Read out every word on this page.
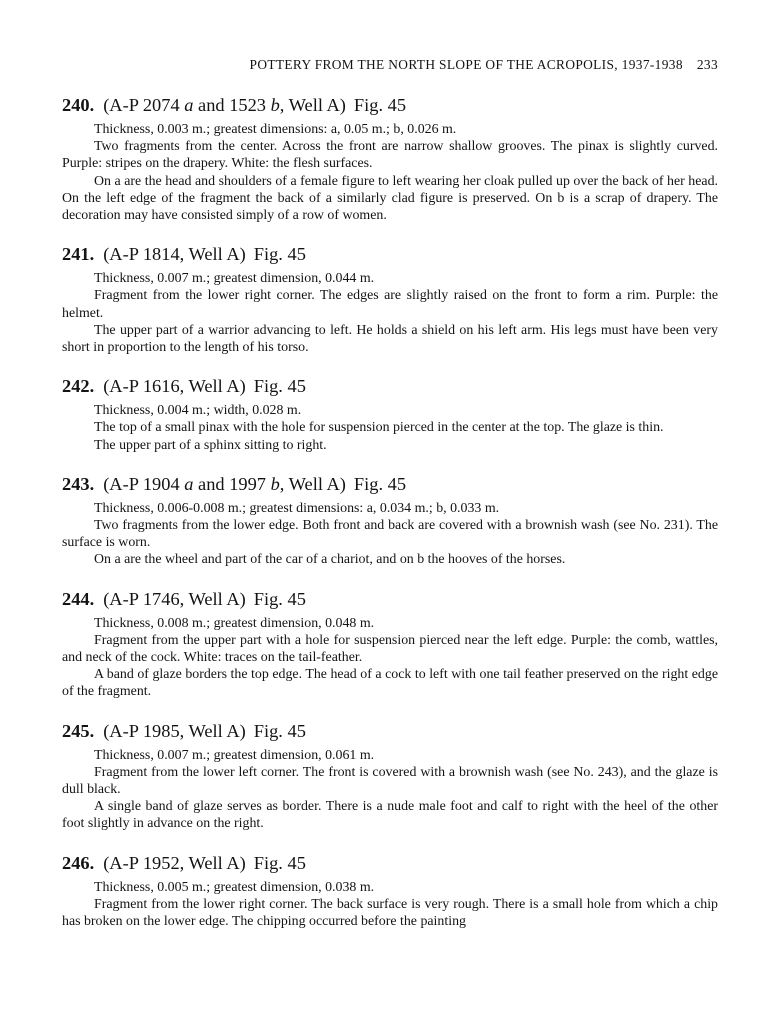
POTTERY FROM THE NORTH SLOPE OF THE ACROPOLIS, 1937-1938 233
240. (A-P 2074 a and 1523 b, Well A) Fig. 45

Thickness, 0.003 m.; greatest dimensions: a, 0.05 m.; b, 0.026 m.

Two fragments from the center. Across the front are narrow shallow grooves. The pinax is slightly curved. Purple: stripes on the drapery. White: the flesh surfaces.

On a are the head and shoulders of a female figure to left wearing her cloak pulled up over the back of her head. On the left edge of the fragment the back of a similarly clad figure is preserved. On b is a scrap of drapery. The decoration may have consisted simply of a row of women.

241. (A-P 1814, Well A) Fig. 45

Thickness, 0.007 m.; greatest dimension, 0.044 m.

Fragment from the lower right corner. The edges are slightly raised on the front to form a rim. Purple: the helmet.

The upper part of a warrior advancing to left. He holds a shield on his left arm. His legs must have been very short in proportion to the length of his torso.

242. (A-P 1616, Well A) Fig. 45

Thickness, 0.004 m.; width, 0.028 m.

The top of a small pinax with the hole for suspension pierced in the center at the top. The glaze is thin.

The upper part of a sphinx sitting to right.

243. (A-P 1904 a and 1997 b, Well A) Fig. 45

Thickness, 0.006-0.008 m.; greatest dimensions: a, 0.034 m.; b, 0.033 m.

Two fragments from the lower edge. Both front and back are covered with a brownish wash (see No. 231). The surface is worn.

On a are the wheel and part of the car of a chariot, and on b the hooves of the horses.

244. (A-P 1746, Well A) Fig. 45

Thickness, 0.008 m.; greatest dimension, 0.048 m.

Fragment from the upper part with a hole for suspension pierced near the left edge. Purple: the comb, wattles, and neck of the cock. White: traces on the tail-feather.

A band of glaze borders the top edge. The head of a cock to left with one tail feather preserved on the right edge of the fragment.

245. (A-P 1985, Well A) Fig. 45

Thickness, 0.007 m.; greatest dimension, 0.061 m.

Fragment from the lower left corner. The front is covered with a brownish wash (see No. 243), and the glaze is dull black.

A single band of glaze serves as border. There is a nude male foot and calf to right with the heel of the other foot slightly in advance on the right.

246. (A-P 1952, Well A) Fig. 45

Thickness, 0.005 m.; greatest dimension, 0.038 m.

Fragment from the lower right corner. The back surface is very rough. There is a small hole from which a chip has broken on the lower edge. The chipping occurred before the painting
